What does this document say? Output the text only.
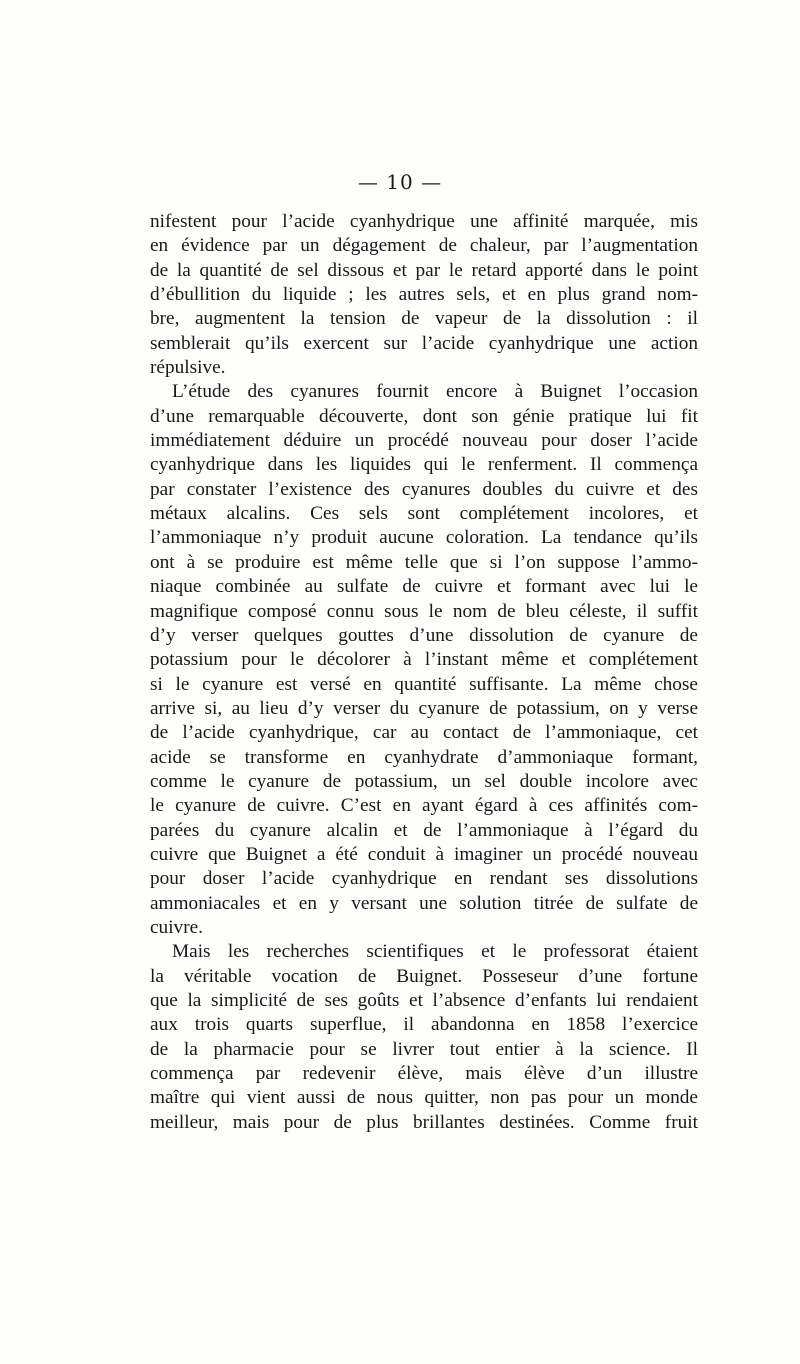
— 10 —
nifestent pour l’acide cyanhydrique une affinité marquée, mis
en évidence par un dégagement de chaleur, par l’augmentation
de la quantité de sel dissous et par le retard apporté dans le point
d’ébullition du liquide ; les autres sels, et en plus grand nom-
bre, augmentent la tension de vapeur de la dissolution : il
semblerait qu’ils exercent sur l’acide cyanhydrique une action
répulsive.
L’étude des cyanures fournit encore à Buignet l’occasion
d’une remarquable découverte, dont son génie pratique lui fit
immédiatement déduire un procédé nouveau pour doser l’acide
cyanhydrique dans les liquides qui le renferment. Il commença
par constater l’existence des cyanures doubles du cuivre et des
métaux alcalins. Ces sels sont complétement incolores, et
l’ammoniaque n’y produit aucune coloration. La tendance qu’ils
ont à se produire est même telle que si l’on suppose l’ammo-
niaque combinée au sulfate de cuivre et formant avec lui le
magnifique composé connu sous le nom de bleu céleste, il suffit
d’y verser quelques gouttes d’une dissolution de cyanure de
potassium pour le décolorer à l’instant même et complétement
si le cyanure est versé en quantité suffisante. La même chose
arrive si, au lieu d’y verser du cyanure de potassium, on y verse
de l’acide cyanhydrique, car au contact de l’ammoniaque, cet
acide se transforme en cyanhydrate d’ammoniaque formant,
comme le cyanure de potassium, un sel double incolore avec
le cyanure de cuivre. C’est en ayant égard à ces affinités com-
parées du cyanure alcalin et de l’ammoniaque à l’égard du
cuivre que Buignet a été conduit à imaginer un procédé nouveau
pour doser l’acide cyanhydrique en rendant ses dissolutions
ammoniacales et en y versant une solution titrée de sulfate de
cuivre.
Mais les recherches scientifiques et le professorat étaient
la véritable vocation de Buignet. Posseseur d’une fortune
que la simplicité de ses goûts et l’absence d’enfants lui rendaient
aux trois quarts superflue, il abandonna en 1858 l’exercice
de la pharmacie pour se livrer tout entier à la science. Il
commença par redevenir élève, mais élève d’un illustre
maître qui vient aussi de nous quitter, non pas pour un monde
meilleur, mais pour de plus brillantes destinées. Comme fruit
